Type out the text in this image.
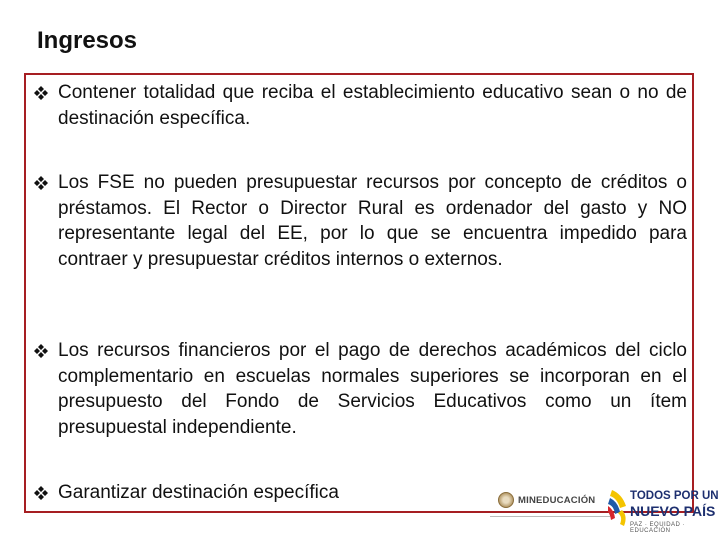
Ingresos
Contener totalidad que reciba el establecimiento educativo sean o no de destinación específica.
Los FSE no pueden presupuestar recursos por concepto de créditos o préstamos. El Rector o Director Rural es ordenador del gasto y NO representante legal del EE, por lo que se encuentra impedido para contraer y presupuestar créditos internos o externos.
Los recursos financieros por el pago de derechos académicos del ciclo complementario en escuelas normales superiores se incorporan en el presupuesto del Fondo de Servicios Educativos como un ítem presupuestal independiente.
Garantizar destinación específica	MINEDUCACIÓN	TODOS POR UN
NUEVO PAÍS
PAZ · EQUIDAD · EDUCACIÓN
